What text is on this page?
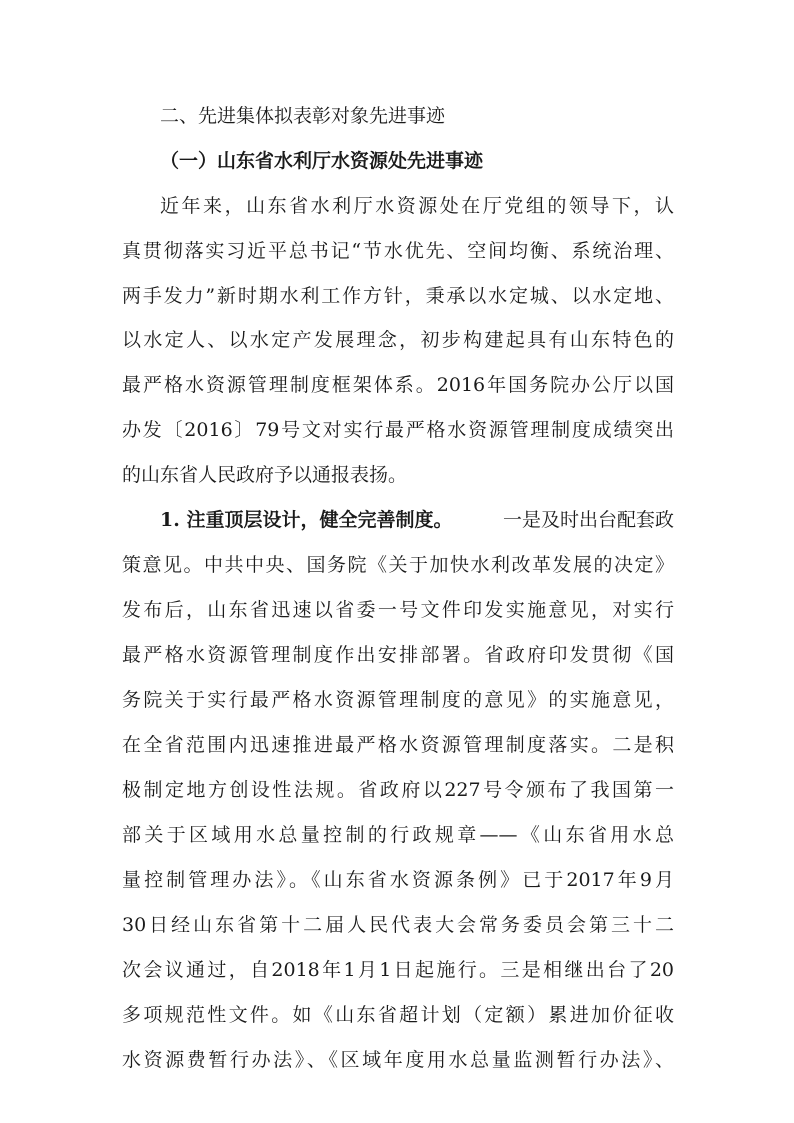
二、先进集体拟表彰对象先进事迹
（一）山东省水利厅水资源处先进事迹
近年来，山东省水利厅水资源处在厅党组的领导下，认
真贯彻落实习近平总书记“节水优先、空间均衡、系统治理、
两手发力”新时期水利工作方针，秉承以水定城、以水定地、
以水定人、以水定产发展理念，初步构建起具有山东特色的
最严格水资源管理制度框架体系。2016年国务院办公厅以国
办发〔2016〕79号文对实行最严格水资源管理制度成绩突出
的山东省人民政府予以通报表扬。
1. 注重顶层设计，健全完善制度。	一是及时出台配套政
策意见。中共中央、国务院《关于加快水利改革发展的决定》
发布后，山东省迅速以省委一号文件印发实施意见，对实行
最严格水资源管理制度作出安排部署。省政府印发贯彻《国
务院关于实行最严格水资源管理制度的意见》的实施意见，
在全省范围内迅速推进最严格水资源管理制度落实。二是积
极制定地方创设性法规。省政府以227号令颁布了我国第一
部关于区域用水总量控制的行政规章——《山东省用水总
量控制管理办法》。《山东省水资源条例》已于2017年9月
30日经山东省第十二届人民代表大会常务委员会第三十二
次会议通过，自2018年1月1日起施行。三是相继出台了20
多项规范性文件。如《山东省超计划（定额）累进加价征收
水资源费暂行办法》、《区域年度用水总量监测暂行办法》、
